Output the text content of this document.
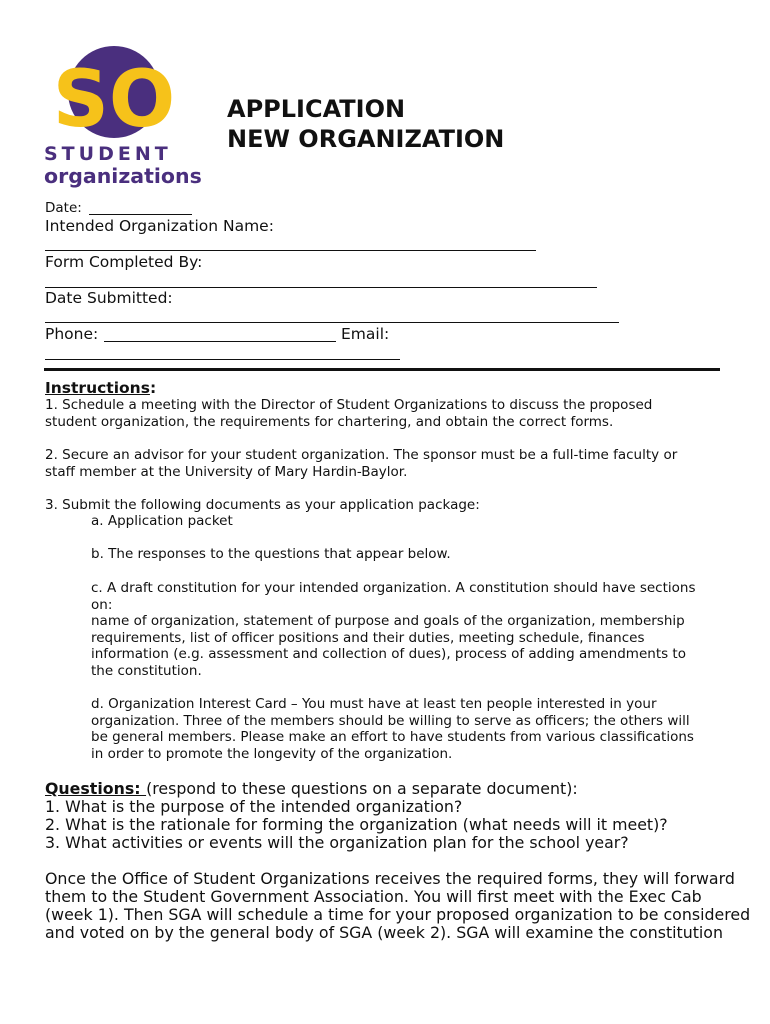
SO
STUDENT
organizations
APPLICATION
NEW ORGANIZATION
Date:
Intended Organization Name:
Form Completed By:
Date Submitted:
Phone:	Email:
Instructions:
1. Schedule a meeting with the Director of Student Organizations to discuss the proposed
student organization, the requirements for chartering, and obtain the correct forms.
2. Secure an advisor for your student organization. The sponsor must be a full-time faculty or
staff member at the University of Mary Hardin-Baylor.
3. Submit the following documents as your application package:
a. Application packet
b. The responses to the questions that appear below.
c. A draft constitution for your intended organization. A constitution should have sections
on:
name of organization, statement of purpose and goals of the organization, membership
requirements, list of officer positions and their duties, meeting schedule, finances
information (e.g. assessment and collection of dues), process of adding amendments to
the constitution.
d. Organization Interest Card – You must have at least ten people interested in your
organization. Three of the members should be willing to serve as officers; the others will
be general members. Please make an effort to have students from various classifications
in order to promote the longevity of the organization.
Questions: (respond to these questions on a separate document):
1. What is the purpose of the intended organization?
2. What is the rationale for forming the organization (what needs will it meet)?
3. What activities or events will the organization plan for the school year?
Once the Office of Student Organizations receives the required forms, they will forward
them to the Student Government Association. You will first meet with the Exec Cab
(week 1). Then SGA will schedule a time for your proposed organization to be considered
and voted on by the general body of SGA (week 2). SGA will examine the constitution
